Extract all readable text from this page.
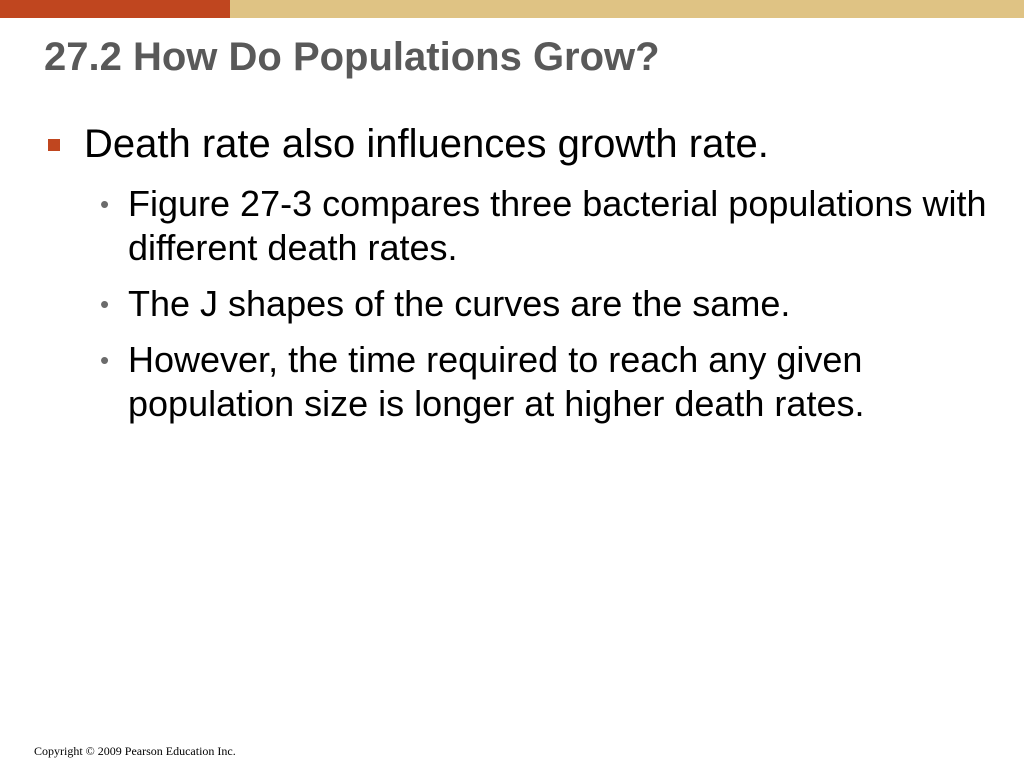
27.2 How Do Populations Grow?
Death rate also influences growth rate.
• Figure 27-3 compares three bacterial populations with different death rates.
• The J shapes of the curves are the same.
• However, the time required to reach any given population size is longer at higher death rates.
Copyright © 2009 Pearson Education Inc.
